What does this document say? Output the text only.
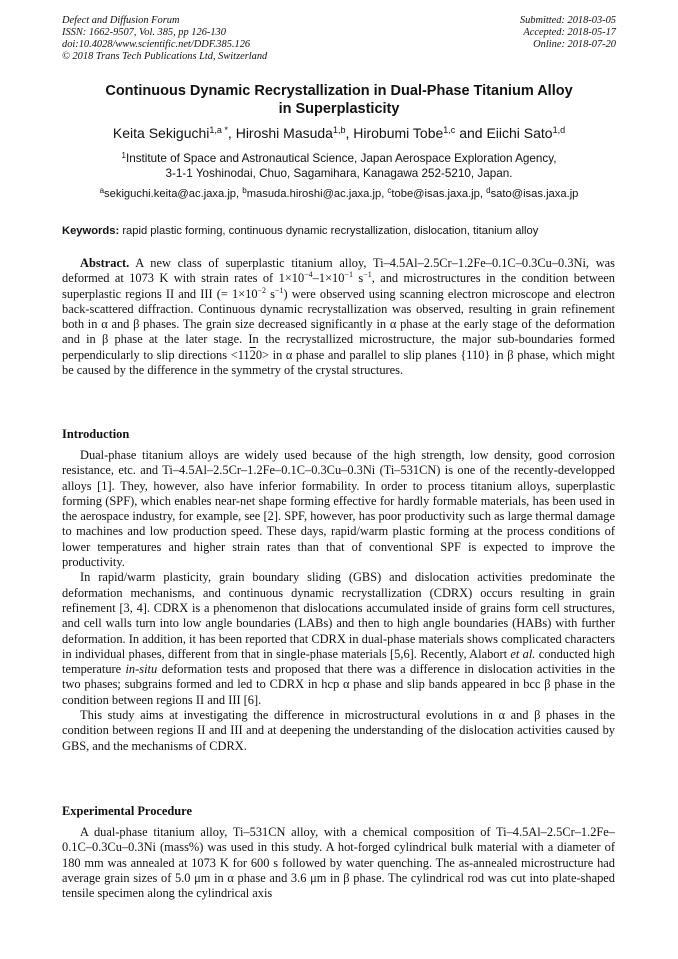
Defect and Diffusion Forum
ISSN: 1662-9507, Vol. 385, pp 126-130
doi:10.4028/www.scientific.net/DDF.385.126
© 2018 Trans Tech Publications Ltd, Switzerland
Submitted: 2018-03-05
Accepted: 2018-05-17
Online: 2018-07-20
Continuous Dynamic Recrystallization in Dual-Phase Titanium Alloy
in Superplasticity
Keita Sekiguchi$^{1,a *}$, Hiroshi Masuda$^{1,b}$, Hirobumi Tobe$^{1,c}$ and Eiichi Sato$^{1,d}$
$^1$Institute of Space and Astronautical Science, Japan Aerospace Exploration Agency,
3-1-1 Yoshinodai, Chuo, Sagamihara, Kanagawa 252-5210, Japan.
$^a$sekiguchi.keita@ac.jaxa.jp, $^b$masuda.hiroshi@ac.jaxa.jp, $^c$tobe@isas.jaxa.jp, $^d$sato@isas.jaxa.jp
Keywords: rapid plastic forming, continuous dynamic recrystallization, dislocation, titanium alloy

Abstract. A new class of superplastic titanium alloy, Ti–4.5Al–2.5Cr–1.2Fe–0.1C–0.3Cu–0.3Ni, was deformed at 1073 K with strain rates of $1\times 10^{-4}-1\times 10^{-1}$ $s^{-1}$, and microstructures in the condition between superplastic regions II and III (= $1\times 10^{-2}$ $s^{-1}$) were observed using scanning electron microscope and electron back-scattered diffraction. Continuous dynamic recrystallization was observed, resulting in grain refinement both in α and β phases. The grain size decreased significantly in α phase at the early stage of the deformation and in β phase at the later stage. In the recrystallized microstructure, the major sub-boundaries formed perpendicularly to slip directions <1120> in α phase and parallel to slip planes {110} in β phase, which might be caused by the difference in the symmetry of the crystal structures.

Introduction

Dual-phase titanium alloys are widely used because of the high strength, low density, good corrosion resistance, etc. and Ti–4.5Al–2.5Cr–1.2Fe–0.1C–0.3Cu–0.3Ni (Ti–531CN) is one of the recently-developped alloys [1]. They, however, also have inferior formability. In order to process titanium alloys, superplastic forming (SPF), which enables near-net shape forming effective for hardly formable materials, has been used in the aerospace industry, for example, see [2]. SPF, however, has poor productivity such as large thermal damage to machines and low production speed. These days, rapid/warm plastic forming at the process conditions of lower temperatures and higher strain rates than that of conventional SPF is expected to improve the productivity.

In rapid/warm plasticity, grain boundary sliding (GBS) and dislocation activities predominate the deformation mechanisms, and continuous dynamic recrystallization (CDRX) occurs resulting in grain refinement [3, 4]. CDRX is a phenomenon that dislocations accumulated inside of grains form cell structures, and cell walls turn into low angle boundaries (LABs) and then to high angle boundaries (HABs) with further deformation. In addition, it has been reported that CDRX in dual-phase materials shows complicated characters in individual phases, different from that in single-phase materials [5,6]. Recently, Alabort et al. conducted high temperature in-situ deformation tests and proposed that there was a difference in dislocation activities in the two phases; subgrains formed and led to CDRX in hcp α phase and slip bands appeared in bcc β phase in the condition between regions II and III [6].

This study aims at investigating the difference in microstructural evolutions in α and β phases in the condition between regions II and III and at deepening the understanding of the dislocation activities caused by GBS, and the mechanisms of CDRX.

Experimental Procedure

A dual-phase titanium alloy, Ti–531CN alloy, with a chemical composition of Ti–4.5Al–2.5Cr–1.2Fe–0.1C–0.3Cu–0.3Ni (mass%) was used in this study. A hot-forged cylindrical bulk material with a diameter of 180 mm was annealed at 1073 K for 600 s followed by water quenching. The as-annealed microstructure had average grain sizes of 5.0 μm in α phase and 3.6 μm in β phase. The cylindrical rod was cut into plate-shaped tensile specimen along the cylindrical axis
